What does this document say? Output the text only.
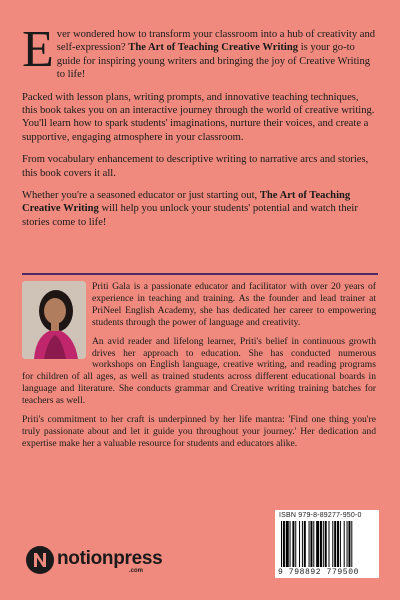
Ever wondered how to transform your classroom into a hub of creativity and self-expression? The Art of Teaching Creative Writing is your go-to guide for inspiring young writers and bringing the joy of Creative Writing to life!

Packed with lesson plans, writing prompts, and innovative teaching techniques, this book takes you on an interactive journey through the world of creative writing. You'll learn how to spark students' imaginations, nurture their voices, and create a supportive, engaging atmosphere in your classroom.

From vocabulary enhancement to descriptive writing to narrative arcs and stories, this book covers it all.

Whether you're a seasoned educator or just starting out, The Art of Teaching Creative Writing will help you unlock your students' potential and watch their stories come to life!

Priti Gala is a passionate educator and facilitator with over 20 years of experience in teaching and training. As the founder and lead trainer at PriNeel English Academy, she has dedicated her career to empowering students through the power of language and creativity.

An avid reader and lifelong learner, Priti's belief in continuous growth drives her approach to education. She has conducted numerous workshops on English language, creative writing, and reading programs for children of all ages, as well as trained students across different educational boards in language and literature. She conducts grammar and Creative writing training batches for teachers as well.

Priti's commitment to her craft is underpinned by her life mantra: 'Find one thing you're truly passionate about and let it guide you throughout your journey.' Her dedication and expertise make her a valuable resource for students and educators alike.

ISBN 979-8-89277-950-0
9 798892 779500
notionpress
.com
